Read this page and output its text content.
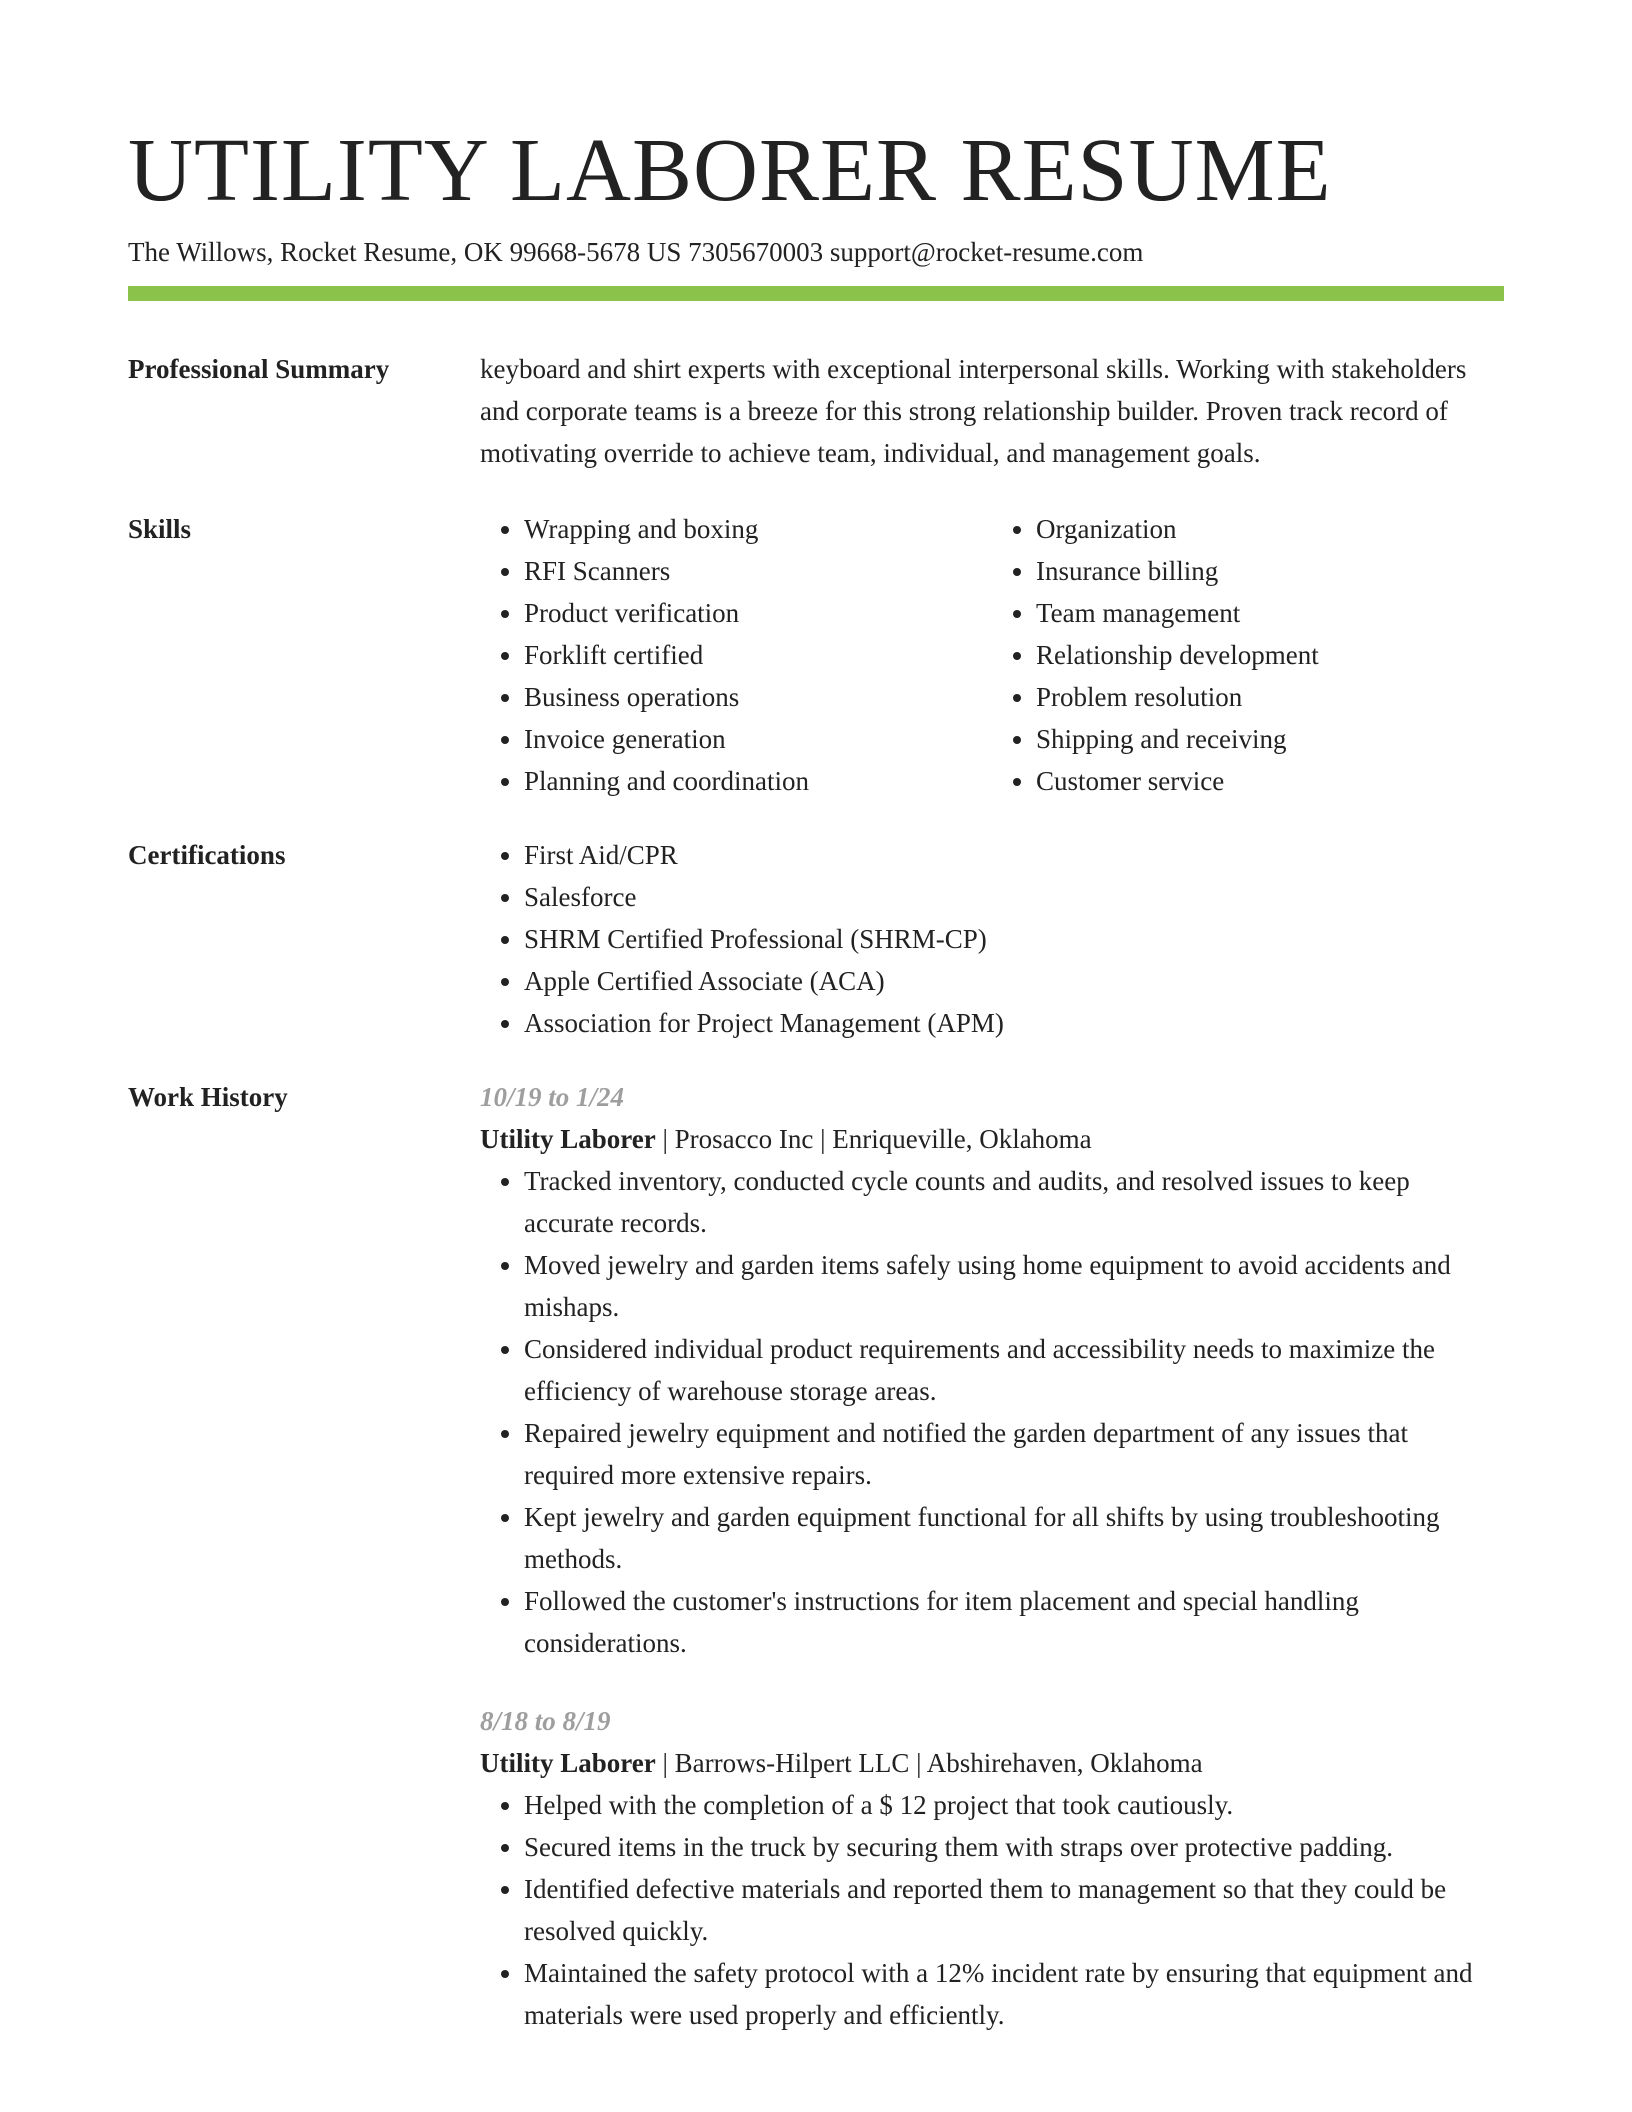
UTILITY LABORER RESUME
The Willows, Rocket Resume, OK 99668-5678 US 7305670003 support@rocket-resume.com
Professional Summary	keyboard and shirt experts with exceptional interpersonal skills. Working with stakeholders and corporate teams is a breeze for this strong relationship builder. Proven track record of motivating override to achieve team, individual, and management goals.

Skills	• Wrapping and boxing
• RFI Scanners
• Product verification
• Forklift certified
• Business operations
• Invoice generation
• Planning and coordination
• Organization
• Insurance billing
• Team management
• Relationship development
• Problem resolution
• Shipping and receiving
• Customer service
Certifications	• First Aid/CPR
• Salesforce
• SHRM Certified Professional (SHRM-CP)
• Apple Certified Associate (ACA)
• Association for Project Management (APM)
Work History	10/19 to 1/24
Utility Laborer | Prosacco Inc | Enriqueville, Oklahoma
• Tracked inventory, conducted cycle counts and audits, and resolved issues to keep accurate records.
• Moved jewelry and garden items safely using home equipment to avoid accidents and mishaps.
• Considered individual product requirements and accessibility needs to maximize the efficiency of warehouse storage areas.
• Repaired jewelry equipment and notified the garden department of any issues that required more extensive repairs.
• Kept jewelry and garden equipment functional for all shifts by using troubleshooting methods.
• Followed the customer's instructions for item placement and special handling considerations.
8/18 to 8/19
Utility Laborer | Barrows-Hilpert LLC | Abshirehaven, Oklahoma
• Helped with the completion of a $ 12 project that took cautiously.
• Secured items in the truck by securing them with straps over protective padding.
• Identified defective materials and reported them to management so that they could be resolved quickly.
• Maintained the safety protocol with a 12% incident rate by ensuring that equipment and materials were used properly and efficiently.
